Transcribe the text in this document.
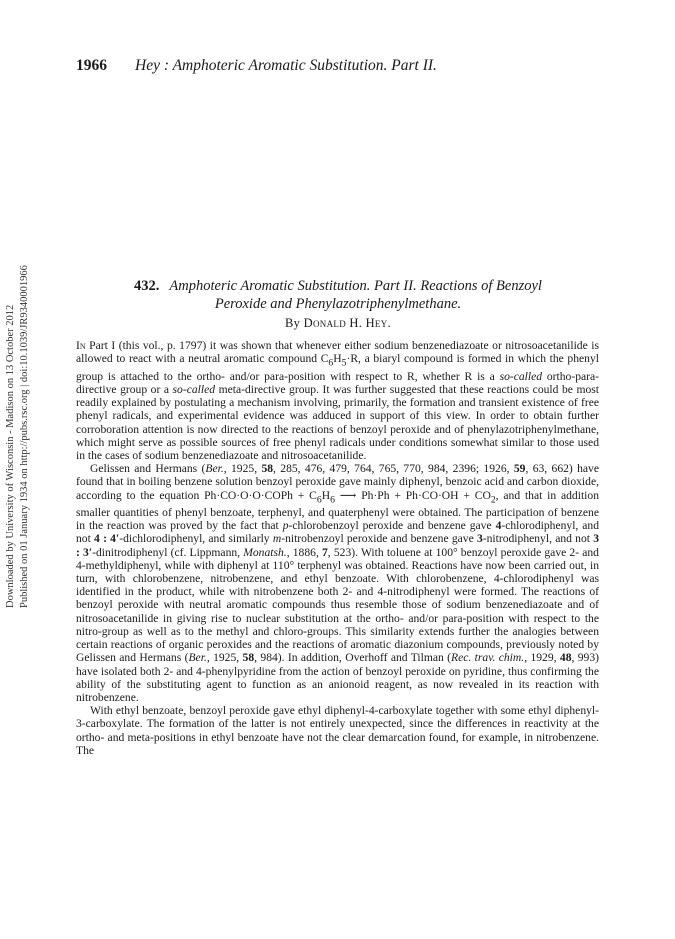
Downloaded by University of Wisconsin - Madison on 13 October 2012 Published on 01 January 1934 on http://pubs.rsc.org | doi:10.1039/JR9340001966
1966 Hey : Amphoteric Aromatic Substitution. Part II.
432. Amphoteric Aromatic Substitution. Part II. Reactions of Benzoyl
Peroxide and Phenylazotriphenylmethane.
By Donald H. Hey.

In Part I (this vol., p. 1797) it was shown that whenever either sodium benzenediazoate or nitrosoacetanilide is allowed to react with a neutral aromatic compound $C_6H_5\cdot R$, a biaryl compound is formed in which the phenyl group is attached to the ortho- and/or para-position with respect to R, whether R is a so-called ortho-para-directive group or a so-called meta-directive group. It was further suggested that these reactions could be most readily explained by postulating a mechanism involving, primarily, the formation and transient existence of free phenyl radicals, and experimental evidence was adduced in support of this view. In order to obtain further corroboration attention is now directed to the reactions of benzoyl peroxide and of phenylazotriphenylmethane, which might serve as possible sources of free phenyl radicals under conditions somewhat similar to those used in the cases of sodium benzenediazoate and nitrosoacetanilide.

Gelissen and Hermans (Ber., 1925, 58, 285, 476, 479, 764, 765, 770, 984, 2396; 1926, 59, 63, 662) have found that in boiling benzene solution benzoyl peroxide gave mainly diphenyl, benzoic acid and carbon dioxide, according to the equation Ph·CO·O·O·COPh + $C_6H_6$ ⟶ $Ph\cdot Ph + Ph\cdot CO\cdot OH + CO_2$, and that in addition smaller quantities of phenyl benzoate, terphenyl, and quaterphenyl were obtained. The participation of benzene in the reaction was proved by the fact that p-chlorobenzoyl peroxide and benzene gave 4-chlorodiphenyl, and not 4 : 4′-dichlorodiphenyl, and similarly m-nitrobenzoyl peroxide and benzene gave 3-nitrodiphenyl, and not 3 : 3′-dinitrodiphenyl (cf. Lippmann, Monatsh., 1886, 7, 523). With toluene at 100° benzoyl peroxide gave 2- and 4-methyldiphenyl, while with diphenyl at 110° terphenyl was obtained. Reactions have now been carried out, in turn, with chlorobenzene, nitrobenzene, and ethyl benzoate. With chlorobenzene, 4-chlorodiphenyl was identified in the product, while with nitrobenzene both 2- and 4-nitrodiphenyl were formed. The reactions of benzoyl peroxide with neutral aromatic compounds thus resemble those of sodium benzenediazoate and of nitrosoacetanilide in giving rise to nuclear substitution at the ortho- and/or para-position with respect to the nitro-group as well as to the methyl and chloro-groups. This similarity extends further the analogies between certain reactions of organic peroxides and the reactions of aromatic diazonium compounds, previously noted by Gelissen and Hermans (Ber., 1925, 58, 984). In addition, Overhoff and Tilman (Rec. trav. chim., 1929, 48, 993) have isolated both 2- and 4-phenylpyridine from the action of benzoyl peroxide on pyridine, thus confirming the ability of the substituting agent to function as an anionoid reagent, as now revealed in its reaction with nitrobenzene.

With ethyl benzoate, benzoyl peroxide gave ethyl diphenyl-4-carboxylate together with some ethyl diphenyl-3-carboxylate. The formation of the latter is not entirely unexpected, since the differences in reactivity at the ortho- and meta-positions in ethyl benzoate have not the clear demarcation found, for example, in nitrobenzene. The
